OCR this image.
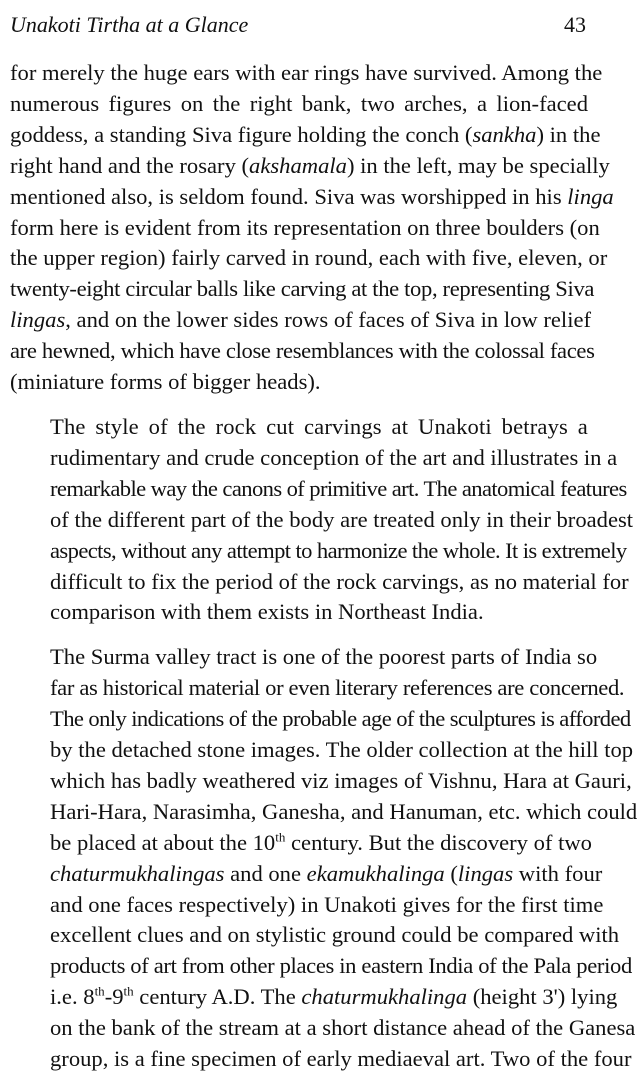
Unakoti Tirtha at a Glance	43

for merely the huge ears with ear rings have survived. Among the
numerous figures on the right bank, two arches, a lion-faced
goddess, a standing Siva figure holding the conch (sankha) in the
right hand and the rosary (akshamala) in the left, may be specially
mentioned also, is seldom found. Siva was worshipped in his linga
form here is evident from its representation on three boulders (on
the upper region) fairly carved in round, each with five, eleven, or
twenty-eight circular balls like carving at the top, representing Siva
lingas, and on the lower sides rows of faces of Siva in low relief
are hewned, which have close resemblances with the colossal faces
(miniature forms of bigger heads).

The style of the rock cut carvings at Unakoti betrays a
rudimentary and crude conception of the art and illustrates in a
remarkable way the canons of primitive art. The anatomical features
of the different part of the body are treated only in their broadest
aspects, without any attempt to harmonize the whole. It is extremely
difficult to fix the period of the rock carvings, as no material for
comparison with them exists in Northeast India.

The Surma valley tract is one of the poorest parts of India so
far as historical material or even literary references are concerned.
The only indications of the probable age of the sculptures is afforded
by the detached stone images. The older collection at the hill top
which has badly weathered viz images of Vishnu, Hara at Gauri,
Hari-Hara, Narasimha, Ganesha, and Hanuman, etc. which could
be placed at about the 10th century. But the discovery of two
chaturmukhalingas and one ekamukhalinga (lingas with four
and one faces respectively) in Unakoti gives for the first time
excellent clues and on stylistic ground could be compared with
products of art from other places in eastern India of the Pala period
i.e. 8th-9th century A.D. The chaturmukhalinga (height 3') lying
on the bank of the stream at a short distance ahead of the Ganesa
group, is a fine specimen of early mediaeval art. Two of the four
